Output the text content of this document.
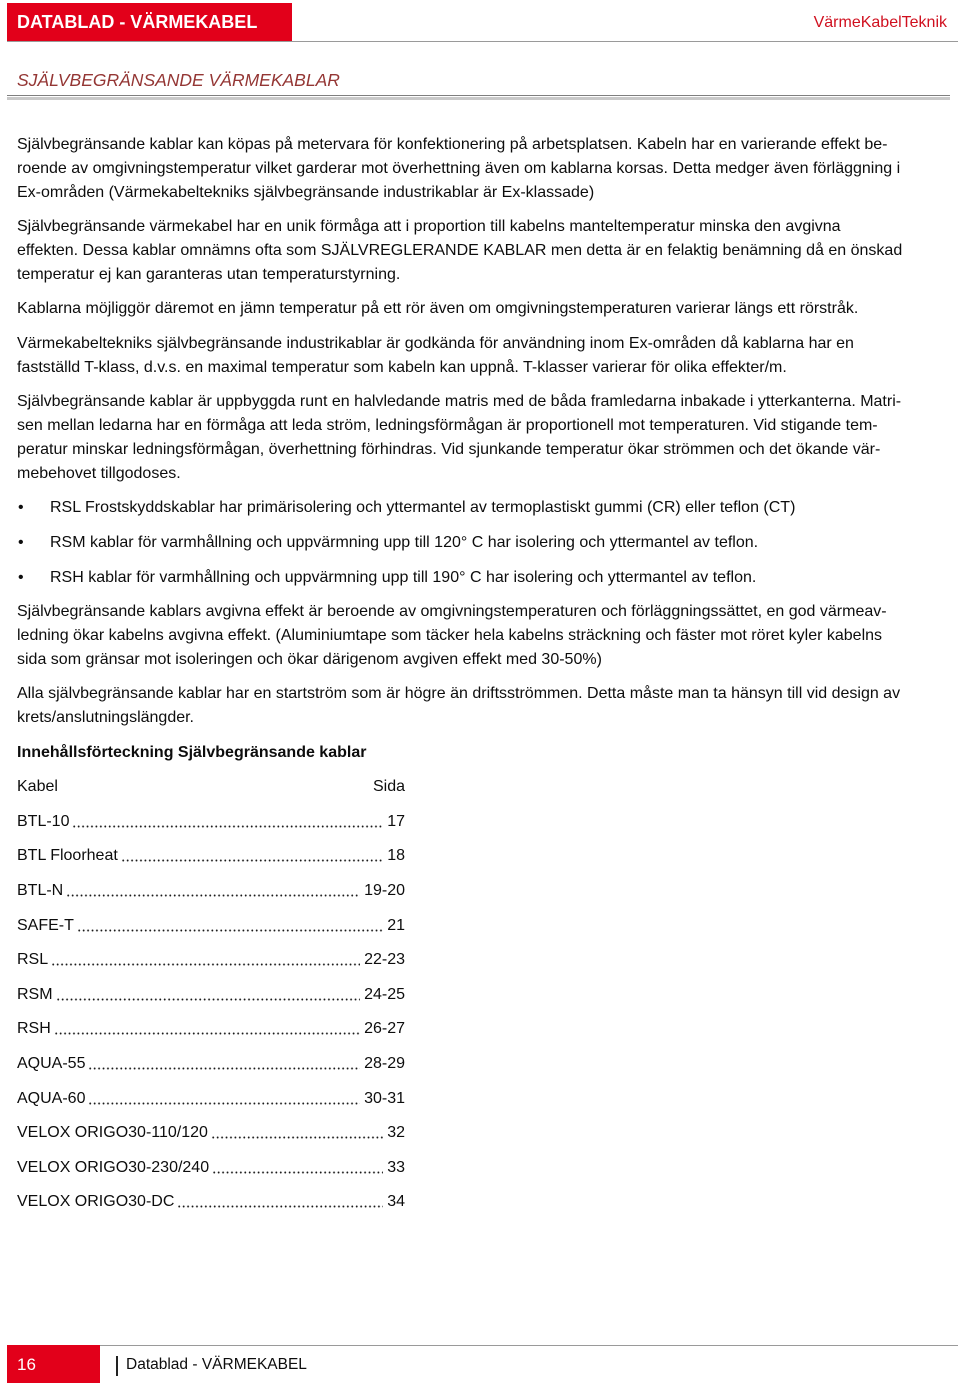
DATABLAD - VÄRMEKABEL	VärmeKabelTeknik
SJÄLVBEGRÄNSANDE VÄRMEKABLAR

Självbegränsande kablar kan köpas på metervara för konfektionering på arbetsplatsen. Kabeln har en varierande effekt be-
roende av omgivningstemperatur vilket garderar mot överhettning även om kablarna korsas. Detta medger även förläggning i
Ex-områden (Värmekabeltekniks självbegränsande industrikablar är Ex-klassade)

Självbegränsande värmekabel har en unik förmåga att i proportion till kabelns manteltemperatur minska den avgivna
effekten. Dessa kablar omnämns ofta som SJÄLVREGLERANDE KABLAR men detta är en felaktig benämning då en önskad
temperatur ej kan garanteras utan temperaturstyrning.

Kablarna möjliggör däremot en jämn temperatur på ett rör även om omgivningstemperaturen varierar längs ett rörstråk.

Värmekabeltekniks självbegränsande industrikablar är godkända för användning inom Ex-områden då kablarna har en
fastställd T-klass, d.v.s. en maximal temperatur som kabeln kan uppnå. T-klasser varierar för olika effekter/m.

Självbegränsande kablar är uppbyggda runt en halvledande matris med de båda framledarna inbakade i ytterkanterna. Matri-
sen mellan ledarna har en förmåga att leda ström, ledningsförmågan är proportionell mot temperaturen. Vid stigande tem-
peratur minskar ledningsförmågan, överhettning förhindras. Vid sjunkande temperatur ökar strömmen och det ökande vär-
mebehovet tillgodoses.

• RSL Frostskyddskablar har primärisolering och yttermantel av termoplastiskt gummi (CR) eller teflon (CT)
• RSM kablar för varmhållning och uppvärmning upp till 120° C har isolering och yttermantel av teflon.
• RSH kablar för varmhållning och uppvärmning upp till 190° C har isolering och yttermantel av teflon.

Självbegränsande kablars avgivna effekt är beroende av omgivningstemperaturen och förläggningssättet, en god värmeav-
ledning ökar kabelns avgivna effekt. (Aluminiumtape som täcker hela kabelns sträckning och fäster mot röret kyler kabelns
sida som gränsar mot isoleringen och ökar därigenom avgiven effekt med 30-50%)

Alla självbegränsande kablar har en startström som är högre än driftsströmmen. Detta måste man ta hänsyn till vid design av
krets/anslutningslängder.

Innehållsförteckning Självbegränsande kablar
Kabel	Sida
BTL-10	17
BTL Floorheat	18
BTL-N	19-20
SAFE-T	21
RSL	22-23
RSM	24-25
RSH	26-27
AQUA-55	28-29
AQUA-60	30-31
VELOX ORIGO30-110/120	32
VELOX ORIGO30-230/240	33
VELOX ORIGO30-DC	34
16	Datablad - VÄRMEKABEL
